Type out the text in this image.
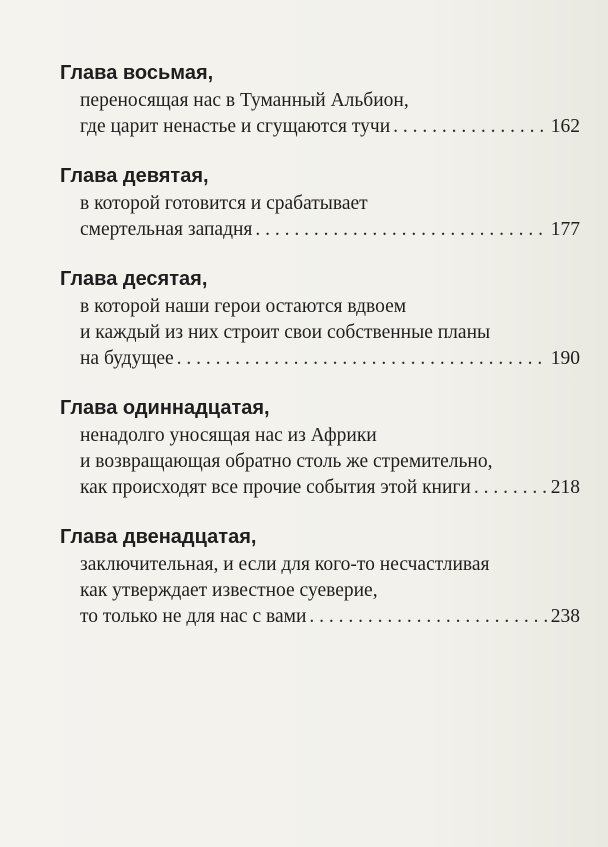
Глава восьмая,
переносящая нас в Туманный Альбион,
где царит ненастье и сгущаются тучи . . .	162
Глава девятая,
в которой готовится и срабатывает
смертельная западня . . .	177
Глава десятая,
в которой наши герои остаются вдвоем
и каждый из них строит свои собственные планы
на будущее . . .	190
Глава одиннадцатая,
ненадолго уносящая нас из Африки
и возвращающая обратно столь же стремительно,
как происходят все прочие события этой книги . . .	218
Глава двенадцатая,
заключительная, и если для кого-то несчастливая
как утверждает известное суеверие,
то только не для нас с вами . . .	238
